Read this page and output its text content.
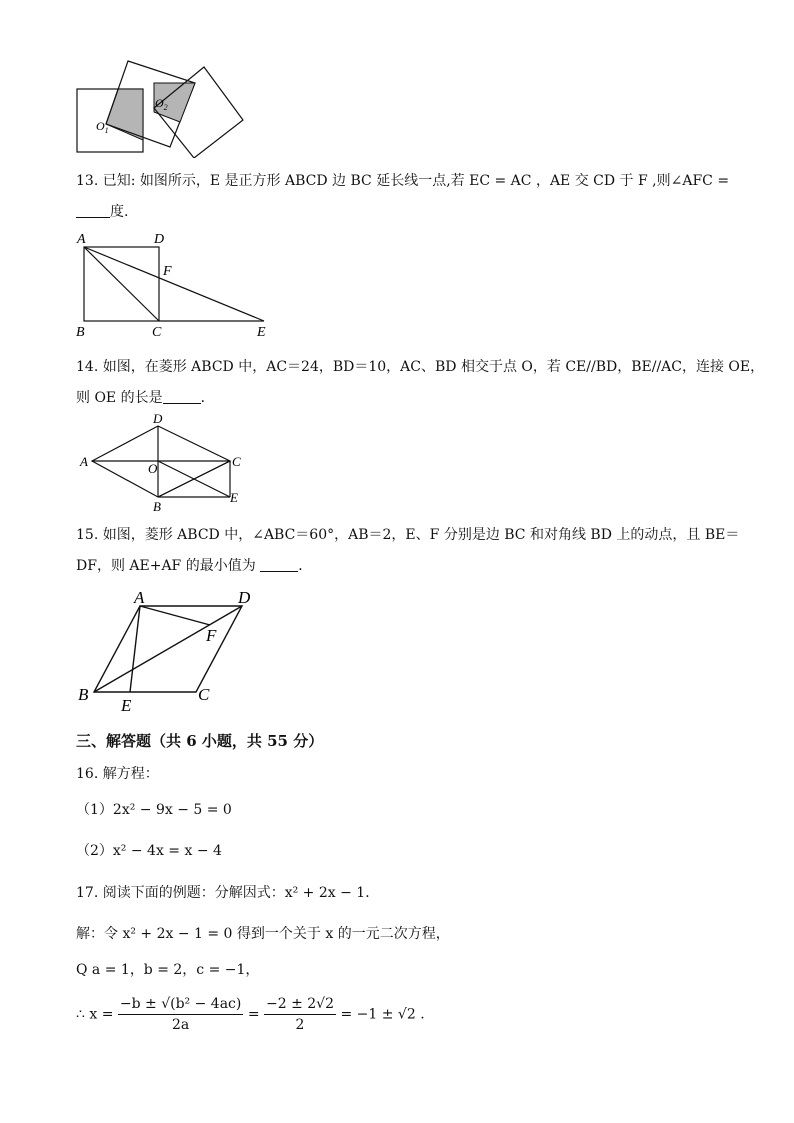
$O_1$
$O_2$
13. 已知: 如图所示，E 是正方形 ABCD 边 BC 延长线一点,若 EC = AC ，AE 交 CD 于 F ,则∠AFC =
度.
A	D
F
B	C	E
14. 如图，在菱形 ABCD 中，AC＝24，BD＝10，AC、BD 相交于点 O，若 CE//BD，BE//AC，连接 OE，
则 OE 的长是	．
A
D
C
O
B
E
15. 如图，菱形 ABCD 中，∠ABC＝60°，AB＝2，E、F 分别是边 BC 和对角线 BD 上的动点，且 BE＝
DF，则 AE+AF 的最小值为	．
A	D
F
B
E
C
三、解答题（共 6 小题，共 55 分）
16. 解方程：
（1）2x² − 9x − 5 = 0
（2）x² − 4x = x − 4
17. 阅读下面的例题：分解因式：x² + 2x − 1．
解：令 x² + 2x − 1 = 0 得到一个关于 x 的一元二次方程，
Q a = 1，b = 2，c = −1，
∴ $x = \frac{\text{−b ± √(b² − 4ac)}}{2a} = \frac{-2 \pm 2√2}{2} = -1 \pm √2$ .
